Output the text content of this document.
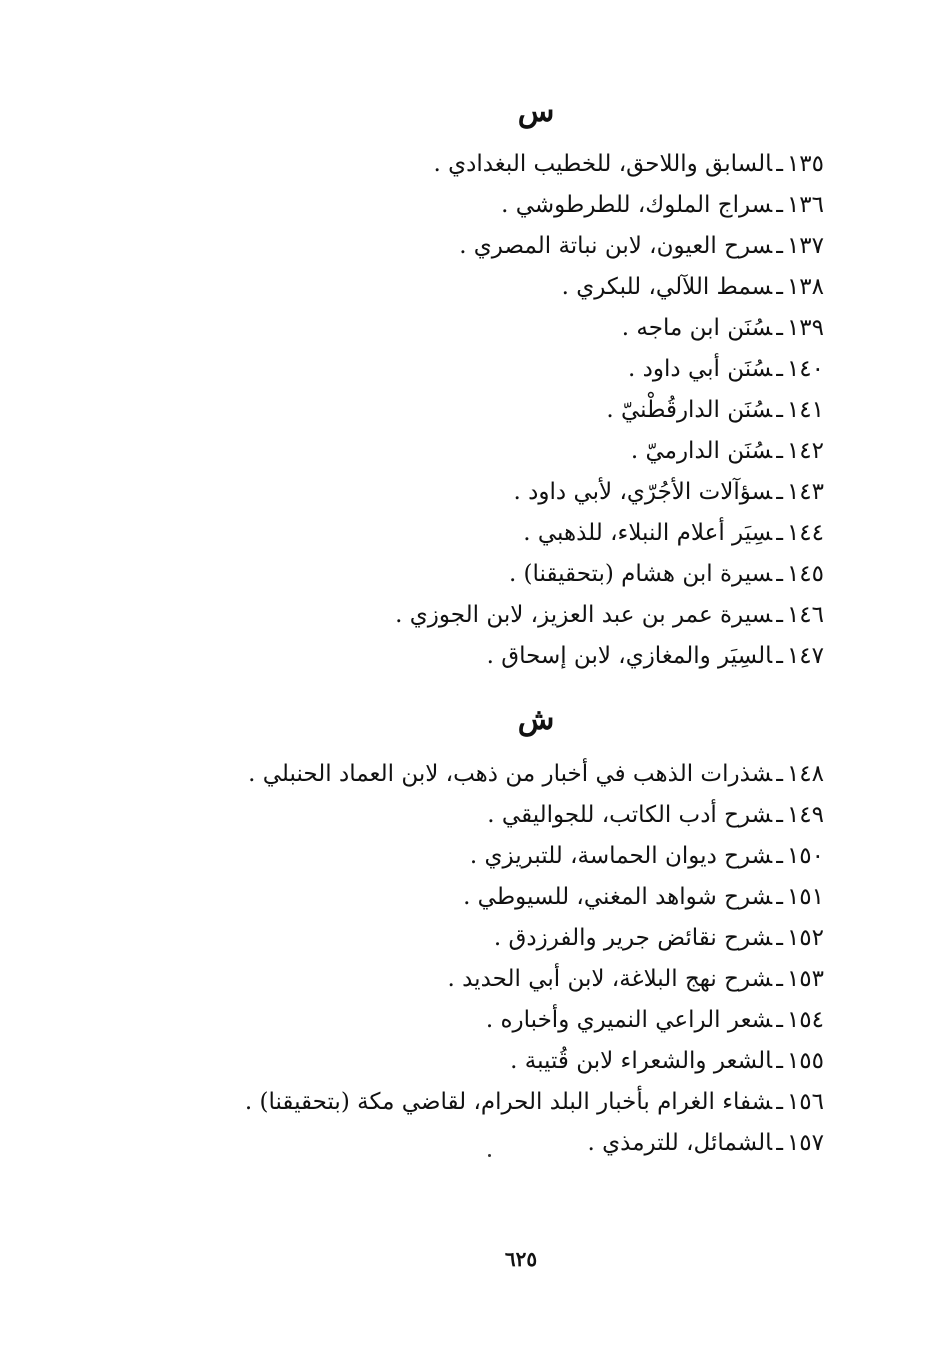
س
١٣٥ـالسابق واللاحق، للخطيب البغدادي .
١٣٦ـسراج الملوك، للطرطوشي .
١٣٧ـسرح العيون، لابن نباتة المصري .
١٣٨ـسمط اللآلي، للبكري .
١٣٩ـسُنَن ابن ماجه .
١٤٠ـسُنَن أبي داود .
١٤١ـسُنَن الدارقُطْنيّ .
١٤٢ـسُنَن الدارميّ .
١٤٣ـسؤآلات الأجُرّي، لأبي داود .
١٤٤ـسِيَر أعلام النبلاء، للذهبي .
١٤٥ـسيرة ابن هشام (بتحقيقنا) .
١٤٦ـسيرة عمر بن عبد العزيز، لابن الجوزي .
١٤٧ـالسِيَر والمغازي، لابن إسحاق .
ش
١٤٨ـشذرات الذهب في أخبار من ذهب، لابن العماد الحنبلي .
١٤٩ـشرح أدب الكاتب، للجواليقي .
١٥٠ـشرح ديوان الحماسة، للتبريزي .
١٥١ـشرح شواهد المغني، للسيوطي .
١٥٢ـشرح نقائض جرير والفرزدق .
١٥٣ـشرح نهج البلاغة، لابن أبي الحديد .
١٥٤ـشعر الراعي النميري وأخباره .
١٥٥ـالشعر والشعراء لابن قُتيبة .
١٥٦ـشفاء الغرام بأخبار البلد الحرام، لقاضي مكة (بتحقيقنا) .
١٥٧ـالشمائل، للترمذي .
٦٢٥
